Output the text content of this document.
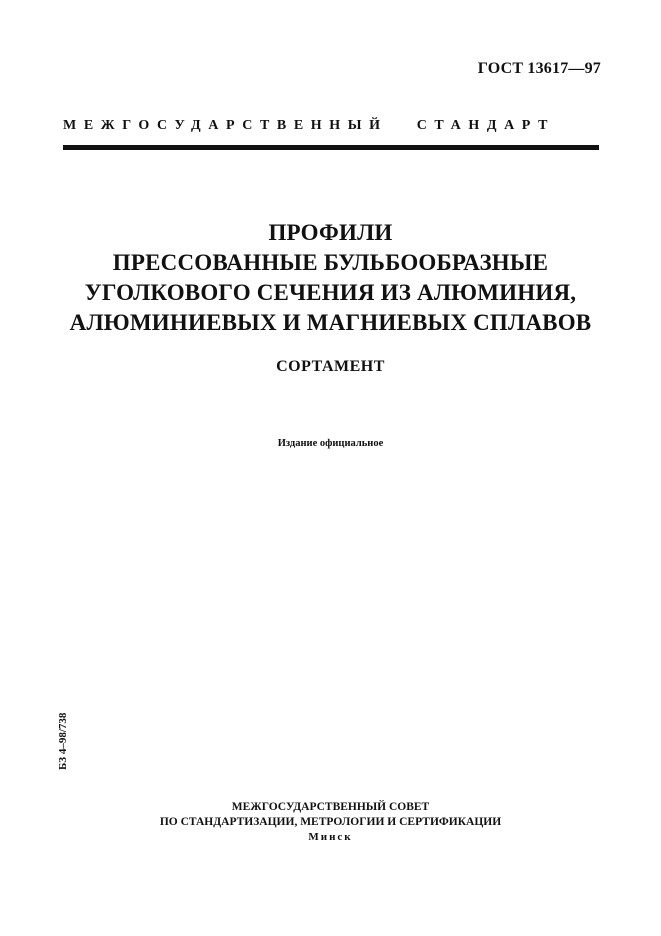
ГОСТ 13617—97
МЕЖГОСУДАРСТВЕННЫЙ СТАНДАРТ
ПРОФИЛИ
ПРЕССОВАННЫЕ БУЛЬБООБРАЗНЫЕ
УГОЛКОВОГО СЕЧЕНИЯ ИЗ АЛЮМИНИЯ,
АЛЮМИНИЕВЫХ И МАГНИЕВЫХ СПЛАВОВ
СОРТАМЕНТ
Издание официальное
БЗ 4–98/738
МЕЖГОСУДАРСТВЕННЫЙ СОВЕТ
ПО СТАНДАРТИЗАЦИИ, МЕТРОЛОГИИ И СЕРТИФИКАЦИИ
Минск
